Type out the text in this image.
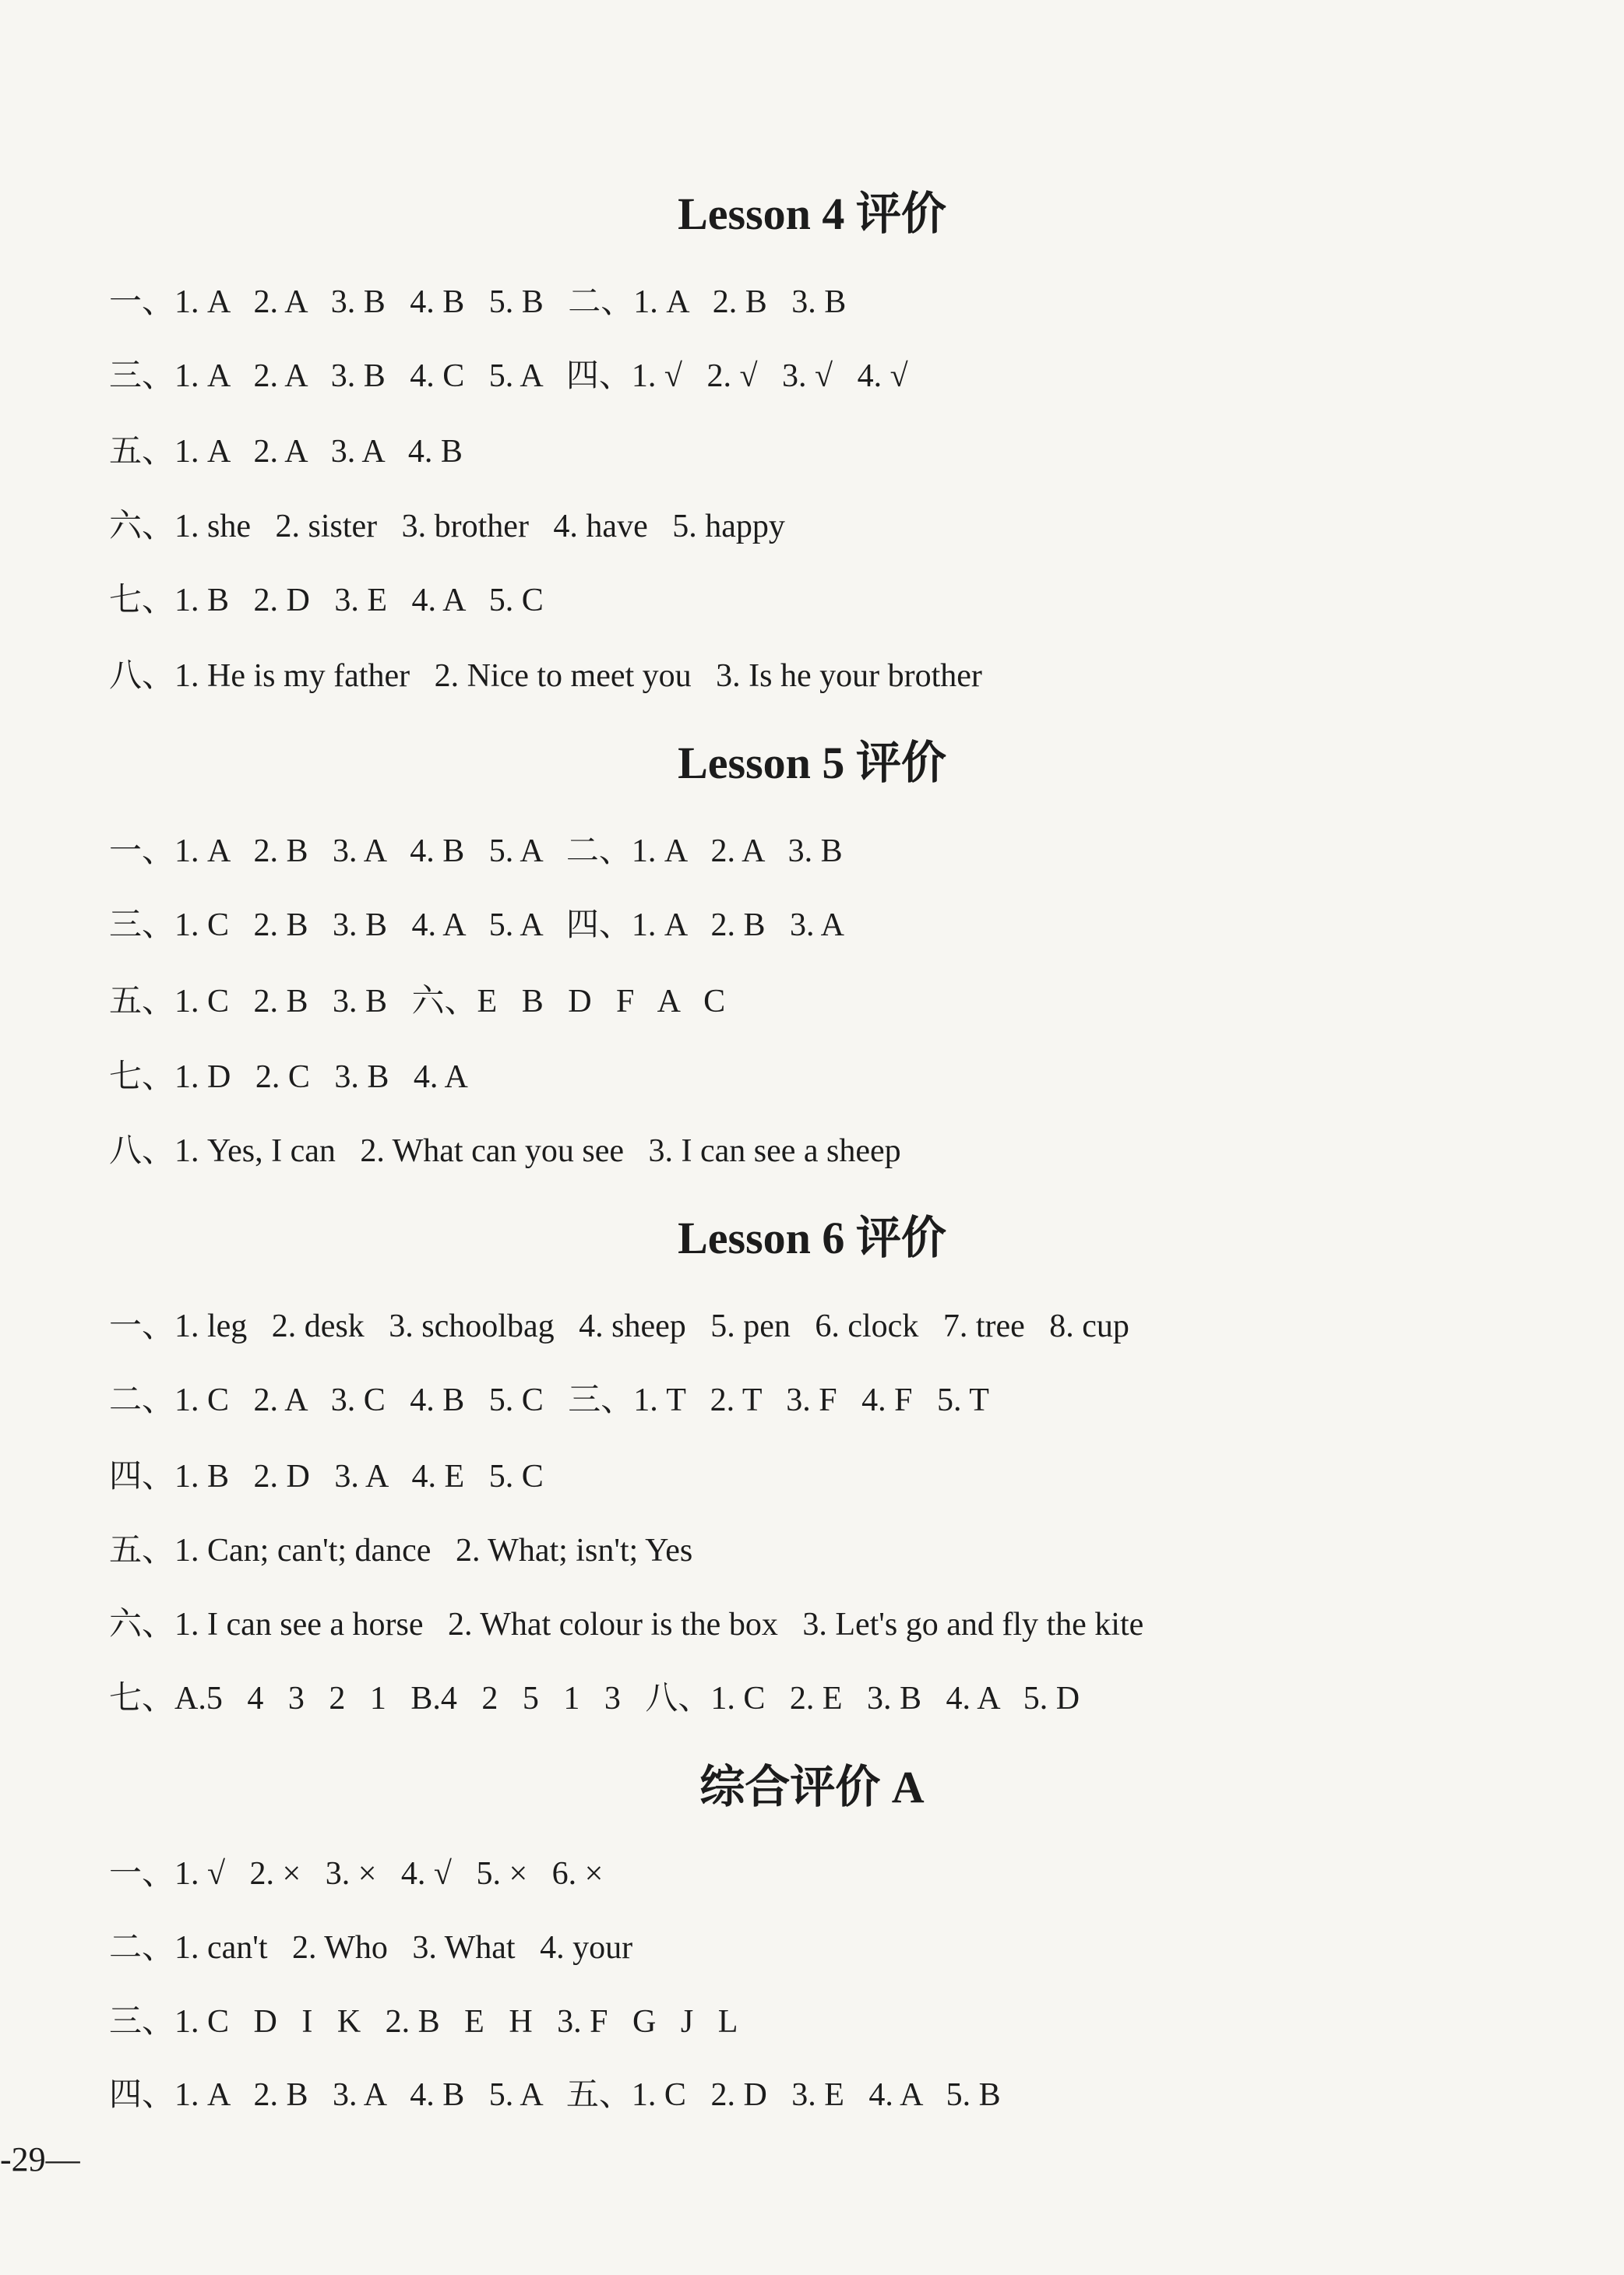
Lesson 4 评价
一、1. A   2. A   3. B   4. B   5. B   二、1. A   2. B   3. B
三、1. A   2. A   3. B   4. C   5. A   四、1. √   2. √   3. √   4. √
五、1. A   2. A   3. A   4. B
六、1. she   2. sister   3. brother   4. have   5. happy
七、1. B   2. D   3. E   4. A   5. C
八、1. He is my father   2. Nice to meet you   3. Is he your brother
Lesson 5 评价
一、1. A   2. B   3. A   4. B   5. A   二、1. A   2. A   3. B
三、1. C   2. B   3. B   4. A   5. A   四、1. A   2. B   3. A
五、1. C   2. B   3. B   六、E   B   D   F   A   C
七、1. D   2. C   3. B   4. A
八、1. Yes, I can   2. What can you see   3. I can see a sheep
Lesson 6 评价
一、1. leg   2. desk   3. schoolbag   4. sheep   5. pen   6. clock   7. tree   8. cup
二、1. C   2. A   3. C   4. B   5. C   三、1. T   2. T   3. F   4. F   5. T
四、1. B   2. D   3. A   4. E   5. C
五、1. Can; can't; dance   2. What; isn't; Yes
六、1. I can see a horse   2. What colour is the box   3. Let's go and fly the kite
七、A.5   4   3   2   1   B.4   2   5   1   3   八、1. C   2. E   3. B   4. A   5. D
综合评价 A
一、1. √   2. ×   3. ×   4. √   5. ×   6. ×
二、1. can't   2. Who   3. What   4. your
三、1. C   D   I   K   2. B   E   H   3. F   G   J   L
四、1. A   2. B   3. A   4. B   5. A   五、1. C   2. D   3. E   4. A   5. B
-29—
